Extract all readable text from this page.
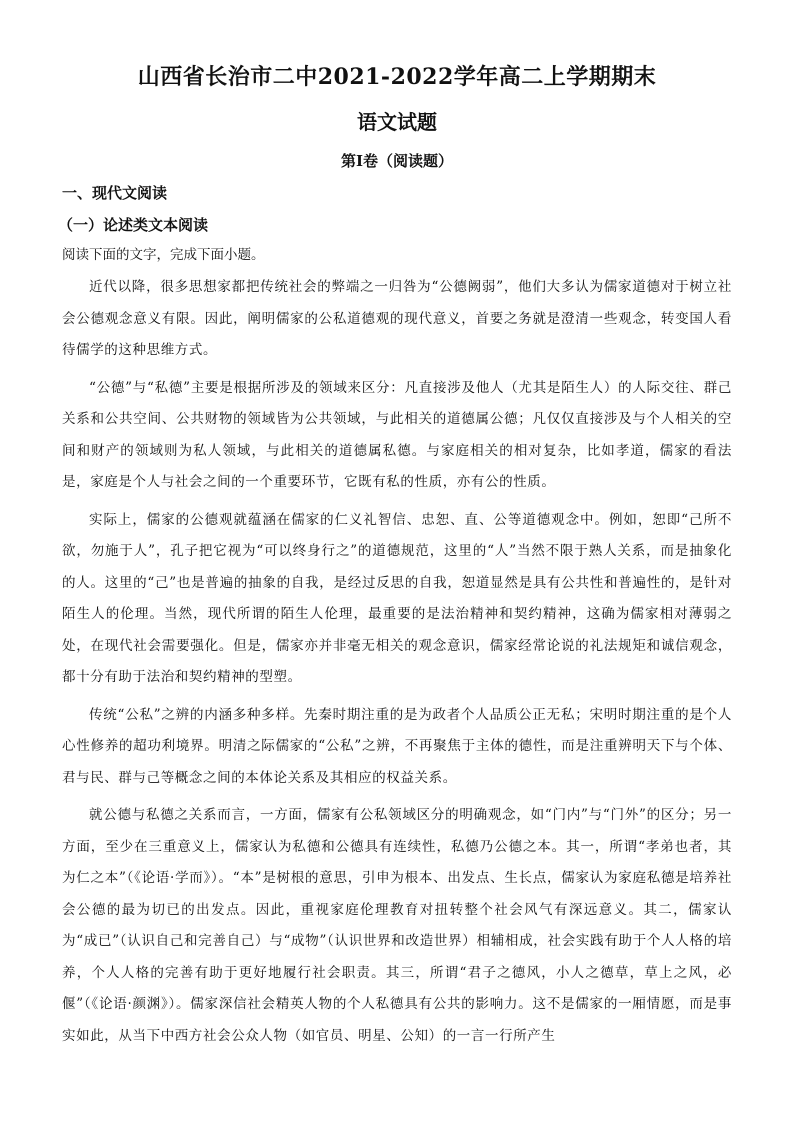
山西省长治市二中2021-2022学年高二上学期期末
语文试题
第I卷（阅读题）
一、现代文阅读
（一）论述类文本阅读
阅读下面的文字，完成下面小题。

近代以降，很多思想家都把传统社会的弊端之一归咎为“公德阙弱”，他们大多认为儒家道德对于树立社会公德观念意义有限。因此，阐明儒家的公私道德观的现代意义，首要之务就是澄清一些观念，转变国人看待儒学的这种思维方式。

“公德”与“私德”主要是根据所涉及的领域来区分：凡直接涉及他人（尤其是陌生人）的人际交往、群己关系和公共空间、公共财物的领域皆为公共领域，与此相关的道德属公德；凡仅仅直接涉及与个人相关的空间和财产的领域则为私人领域，与此相关的道德属私德。与家庭相关的相对复杂，比如孝道，儒家的看法是，家庭是个人与社会之间的一个重要环节，它既有私的性质，亦有公的性质。

实际上，儒家的公德观就蕴涵在儒家的仁义礼智信、忠恕、直、公等道德观念中。例如，恕即“己所不欲，勿施于人”，孔子把它视为“可以终身行之”的道德规范，这里的“人”当然不限于熟人关系，而是抽象化的人。这里的“己”也是普遍的抽象的自我，是经过反思的自我，恕道显然是具有公共性和普遍性的，是针对陌生人的伦理。当然，现代所谓的陌生人伦理，最重要的是法治精神和契约精神，这确为儒家相对薄弱之处，在现代社会需要强化。但是，儒家亦并非毫无相关的观念意识，儒家经常论说的礼法规矩和诚信观念，都十分有助于法治和契约精神的型塑。

传统“公私”之辨的内涵多种多样。先秦时期注重的是为政者个人品质公正无私；宋明时期注重的是个人心性修养的超功利境界。明清之际儒家的“公私”之辨，不再聚焦于主体的德性，而是注重辨明天下与个体、君与民、群与己等概念之间的本体论关系及其相应的权益关系。

就公德与私德之关系而言，一方面，儒家有公私领域区分的明确观念，如“门内”与“门外”的区分；另一方面，至少在三重意义上，儒家认为私德和公德具有连续性，私德乃公德之本。其一，所谓“孝弟也者，其为仁之本”（《论语·学而》）。“本”是树根的意思，引申为根本、出发点、生长点，儒家认为家庭私德是培养社会公德的最为切已的出发点。因此，重视家庭伦理教育对扭转整个社会风气有深远意义。其二，儒家认为“成已”（认识自己和完善自己）与“成物”（认识世界和改造世界）相辅相成，社会实践有助于个人人格的培养，个人人格的完善有助于更好地履行社会职责。其三，所谓“君子之德风，小人之德草，草上之风，必偃”（《论语·颜渊》）。儒家深信社会精英人物的个人私德具有公共的影响力。这不是儒家的一厢情愿，而是事实如此，从当下中西方社会公众人物（如官员、明星、公知）的一言一行所产生
